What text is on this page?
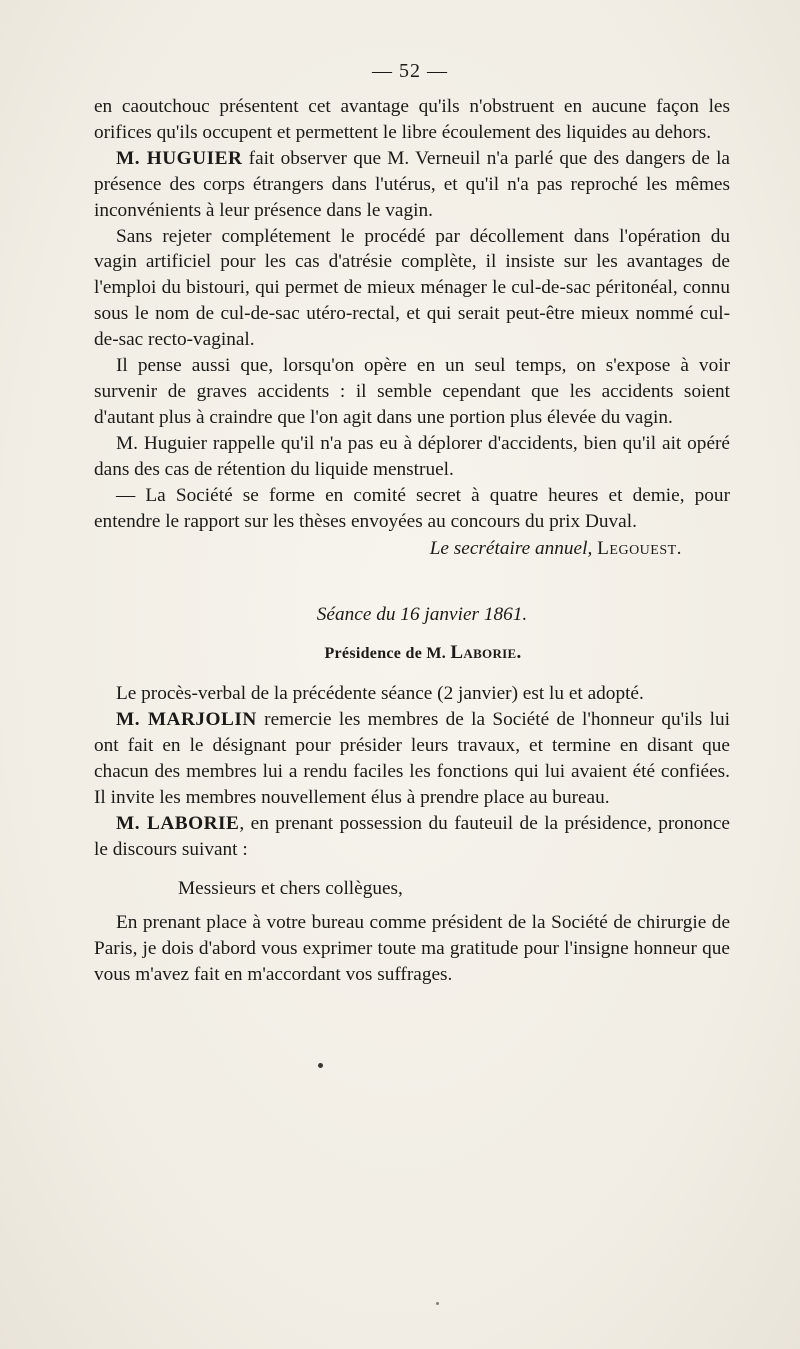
— 52 —

en caoutchouc présentent cet avantage qu'ils n'obstruent en aucune façon les orifices qu'ils occupent et permettent le libre écoulement des liquides au dehors.

M. HUGUIER fait observer que M. Verneuil n'a parlé que des dangers de la présence des corps étrangers dans l'utérus, et qu'il n'a pas reproché les mêmes inconvénients à leur présence dans le vagin.

Sans rejeter complétement le procédé par décollement dans l'opération du vagin artificiel pour les cas d'atrésie complète, il insiste sur les avantages de l'emploi du bistouri, qui permet de mieux ménager le cul-de-sac péritonéal, connu sous le nom de cul-de-sac utéro-rectal, et qui serait peut-être mieux nommé cul-de-sac recto-vaginal.

Il pense aussi que, lorsqu'on opère en un seul temps, on s'expose à voir survenir de graves accidents : il semble cependant que les accidents soient d'autant plus à craindre que l'on agit dans une portion plus élevée du vagin.

M. Huguier rappelle qu'il n'a pas eu à déplorer d'accidents, bien qu'il ait opéré dans des cas de rétention du liquide menstruel.

— La Société se forme en comité secret à quatre heures et demie, pour entendre le rapport sur les thèses envoyées au concours du prix Duval.

Le secrétaire annuel, Legouest.

Séance du 16 janvier 1861.

Présidence de M. Laborie.

Le procès-verbal de la précédente séance (2 janvier) est lu et adopté.

M. MARJOLIN remercie les membres de la Société de l'honneur qu'ils lui ont fait en le désignant pour présider leurs travaux, et termine en disant que chacun des membres lui a rendu faciles les fonctions qui lui avaient été confiées. Il invite les membres nouvellement élus à prendre place au bureau.

M. LABORIE, en prenant possession du fauteuil de la présidence, prononce le discours suivant :

Messieurs et chers collègues,

En prenant place à votre bureau comme président de la Société de chirurgie de Paris, je dois d'abord vous exprimer toute ma gratitude pour l'insigne honneur que vous m'avez fait en m'accordant vos suffrages.
